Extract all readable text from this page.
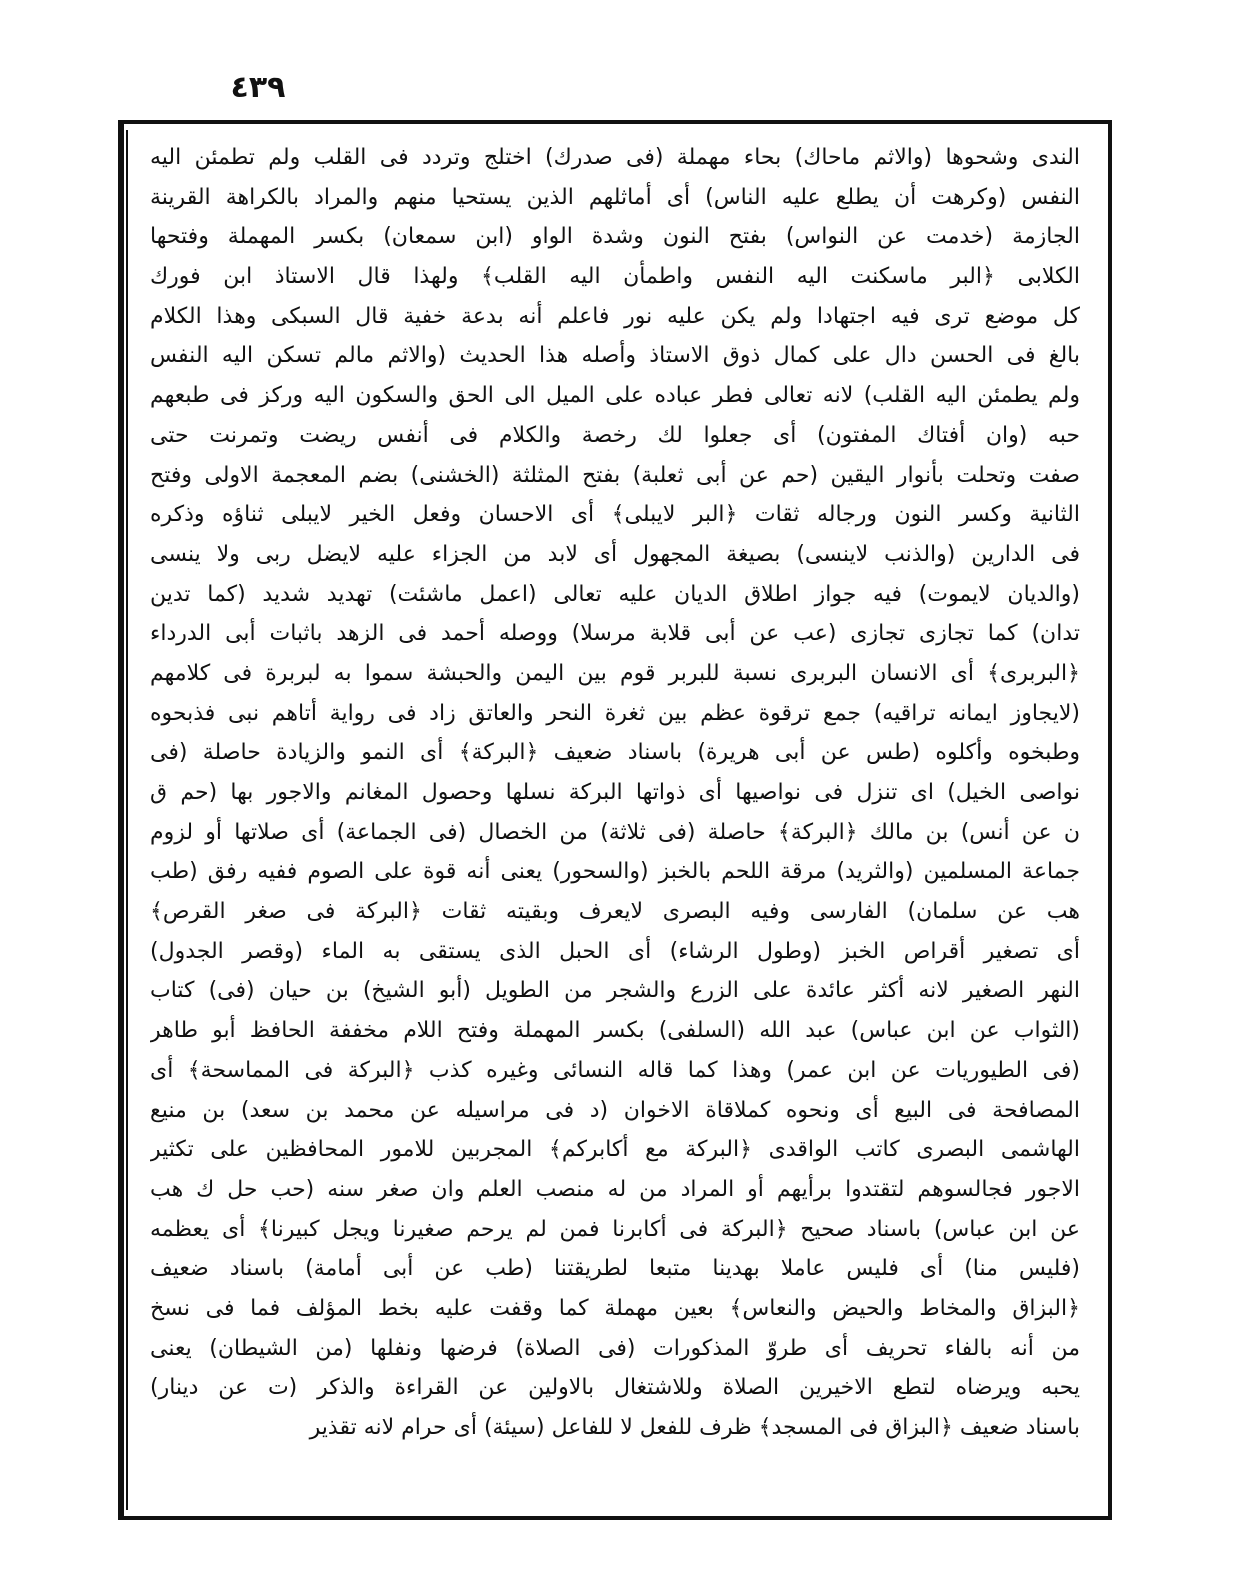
٤٣٩
الندى وشحوها (والاثم ماحاك) بحاء مهملة (فى صدرك) اختلج وتردد فى القلب ولم تطمئن اليه
النفس (وكرهت أن يطلع عليه الناس) أى أماثلهم الذين يستحيا منهم والمراد بالكراهة القرينة
الجازمة (خدمت عن النواس) بفتح النون وشدة الواو (ابن سمعان) بكسر المهملة وفتحها
الكلابى ﴿البر ماسكنت اليه النفس واطمأن اليه القلب﴾ ولهذا قال الاستاذ ابن فورك
كل موضع ترى فيه اجتهادا ولم يكن عليه نور فاعلم أنه بدعة خفية قال السبكى وهذا الكلام
بالغ فى الحسن دال على كمال ذوق الاستاذ وأصله هذا الحديث (والاثم مالم تسكن اليه النفس
ولم يطمئن اليه القلب) لانه تعالى فطر عباده على الميل الى الحق والسكون اليه وركز فى طبعهم
حبه (وان أفتاك المفتون) أى جعلوا لك رخصة والكلام فى أنفس ريضت وتمرنت حتى
صفت وتحلت بأنوار اليقين (حم عن أبى ثعلبة) بفتح المثلثة (الخشنى) بضم المعجمة الاولى وفتح
الثانية وكسر النون ورجاله ثقات ﴿البر لايبلى﴾ أى الاحسان وفعل الخير لايبلى ثناؤه وذكره
فى الدارين (والذنب لاينسى) بصيغة المجهول أى لابد من الجزاء عليه لايضل ربى ولا ينسى
(والديان لايموت) فيه جواز اطلاق الديان عليه تعالى (اعمل ماشئت) تهديد شديد (كما تدين
تدان) كما تجازى تجازى (عب عن أبى قلابة مرسلا) ووصله أحمد فى الزهد باثبات أبى الدرداء
﴿البربرى﴾ أى الانسان البربرى نسبة للبربر قوم بين اليمن والحبشة سموا به لبربرة فى كلامهم
(لايجاوز ايمانه تراقيه) جمع ترقوة عظم بين ثغرة النحر والعاتق زاد فى رواية أتاهم نبى فذبحوه
وطبخوه وأكلوه (طس عن أبى هريرة) باسناد ضعيف ﴿البركة﴾ أى النمو والزيادة حاصلة (فى
نواصى الخيل) اى تنزل فى نواصيها أى ذواتها البركة نسلها وحصول المغانم والاجور بها (حم ق
ن عن أنس) بن مالك ﴿البركة﴾ حاصلة (فى ثلاثة) من الخصال (فى الجماعة) أى صلاتها أو لزوم
جماعة المسلمين (والثريد) مرقة اللحم بالخبز (والسحور) يعنى أنه قوة على الصوم ففيه رفق (طب
هب عن سلمان) الفارسى وفيه البصرى لايعرف وبقيته ثقات ﴿البركة فى صغر القرص﴾
أى تصغير أقراص الخبز (وطول الرشاء) أى الحبل الذى يستقى به الماء (وقصر الجدول)
النهر الصغير لانه أكثر عائدة على الزرع والشجر من الطويل (أبو الشيخ) بن حيان (فى) كتاب
(الثواب عن ابن عباس) عبد الله (السلفى) بكسر المهملة وفتح اللام مخففة الحافظ أبو طاهر
(فى الطيوريات عن ابن عمر) وهذا كما قاله النسائى وغيره كذب ﴿البركة فى المماسحة﴾ أى
المصافحة فى البيع أى ونحوه كملاقاة الاخوان (د فى مراسيله عن محمد بن سعد) بن منيع
الهاشمى البصرى كاتب الواقدى ﴿البركة مع أكابركم﴾ المجربين للامور المحافظين على تكثير
الاجور فجالسوهم لتقتدوا برأيهم أو المراد من له منصب العلم وان صغر سنه (حب حل ك هب
عن ابن عباس) باسناد صحيح ﴿البركة فى أكابرنا فمن لم يرحم صغيرنا ويجل كبيرنا﴾ أى يعظمه
(فليس منا) أى فليس عاملا بهدينا متبعا لطريقتنا (طب عن أبى أمامة) باسناد ضعيف
﴿البزاق والمخاط والحيض والنعاس﴾ بعين مهملة كما وقفت عليه بخط المؤلف فما فى نسخ
من أنه بالفاء تحريف أى طروّ المذكورات (فى الصلاة) فرضها ونفلها (من الشيطان) يعنى
يحبه ويرضاه لتطع الاخيرين الصلاة وللاشتغال بالاولين عن القراءة والذكر (ت عن دينار)
باسناد ضعيف ﴿البزاق فى المسجد﴾ ظرف للفعل لا للفاعل (سيئة) أى حرام لانه تقذير
